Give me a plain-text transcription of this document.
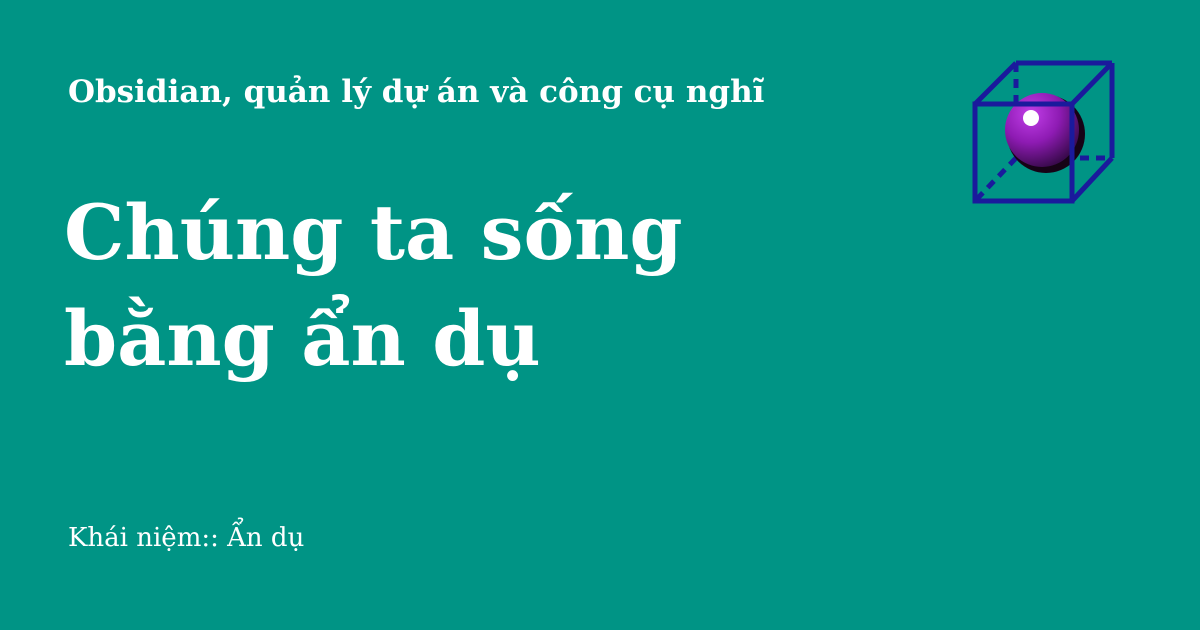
Obsidian, quản lý dự án và công cụ nghĩ
Chúng ta sống
bằng ẩn dụ
Khái niệm:: Ẩn dụ
